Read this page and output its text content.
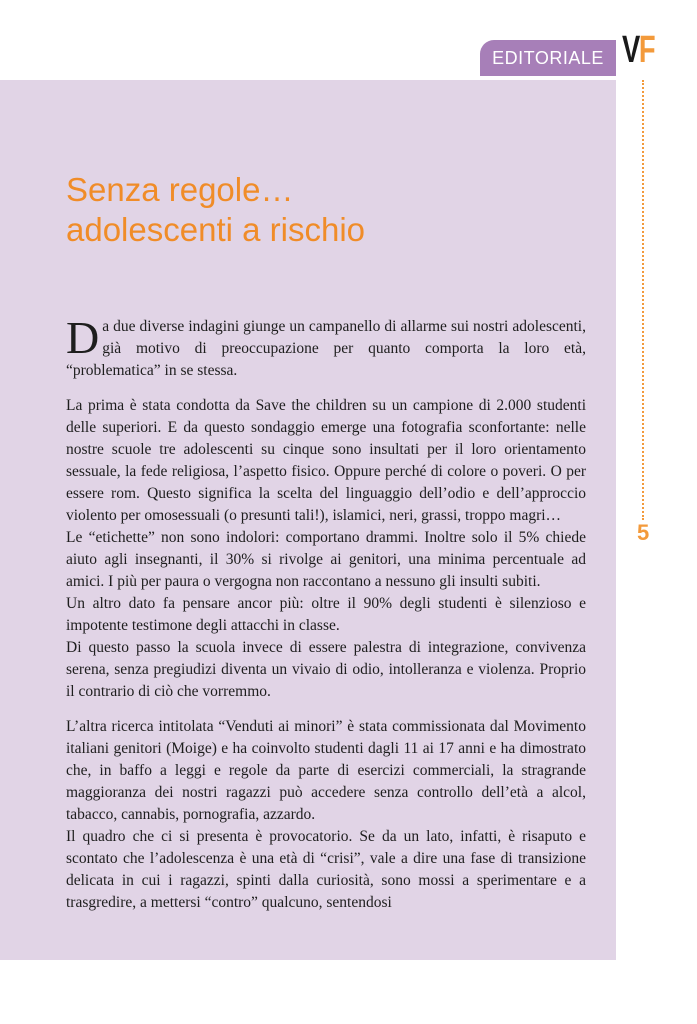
EDITORIALE VF
5
Senza regole…
adolescenti a rischio

Da due diverse indagini giunge un campanello di allarme sui nostri adolescenti, già motivo di preoccupazione per quanto comporta la loro età, “problematica” in se stessa.

La prima è stata condotta da Save the children su un campione di 2.000 studenti delle superiori. E da questo sondaggio emerge una fotografia sconfortante: nelle nostre scuole tre adolescenti su cinque sono insultati per il loro orientamento sessuale, la fede religiosa, l’aspetto fisico. Oppure perché di colore o poveri. O per essere rom. Questo significa la scelta del linguaggio dell’odio e dell’approccio violento per omosessuali (o presunti tali!), islamici, neri, grassi, troppo magri…

Le “etichette” non sono indolori: comportano drammi. Inoltre solo il 5% chiede aiuto agli insegnanti, il 30% si rivolge ai genitori, una minima percentuale ad amici. I più per paura o vergogna non raccontano a nessuno gli insulti subiti.

Un altro dato fa pensare ancor più: oltre il 90% degli studenti è silenzioso e impotente testimone degli attacchi in classe.

Di questo passo la scuola invece di essere palestra di integrazione, convivenza serena, senza pregiudizi diventa un vivaio di odio, intolleranza e violenza. Proprio il contrario di ciò che vorremmo.

L’altra ricerca intitolata “Venduti ai minori” è stata commissionata dal Movimento italiani genitori (Moige) e ha coinvolto studenti dagli 11 ai 17 anni e ha dimostrato che, in baffo a leggi e regole da parte di esercizi commerciali, la stragrande maggioranza dei nostri ragazzi può accedere senza controllo dell’età a alcol, tabacco, cannabis, pornografia, azzardo.

Il quadro che ci si presenta è provocatorio. Se da un lato, infatti, è risaputo e scontato che l’adolescenza è una età di “crisi”, vale a dire una fase di transizione delicata in cui i ragazzi, spinti dalla curiosità, sono mossi a sperimentare e a trasgredire, a mettersi “contro” qualcuno, sentendosi
